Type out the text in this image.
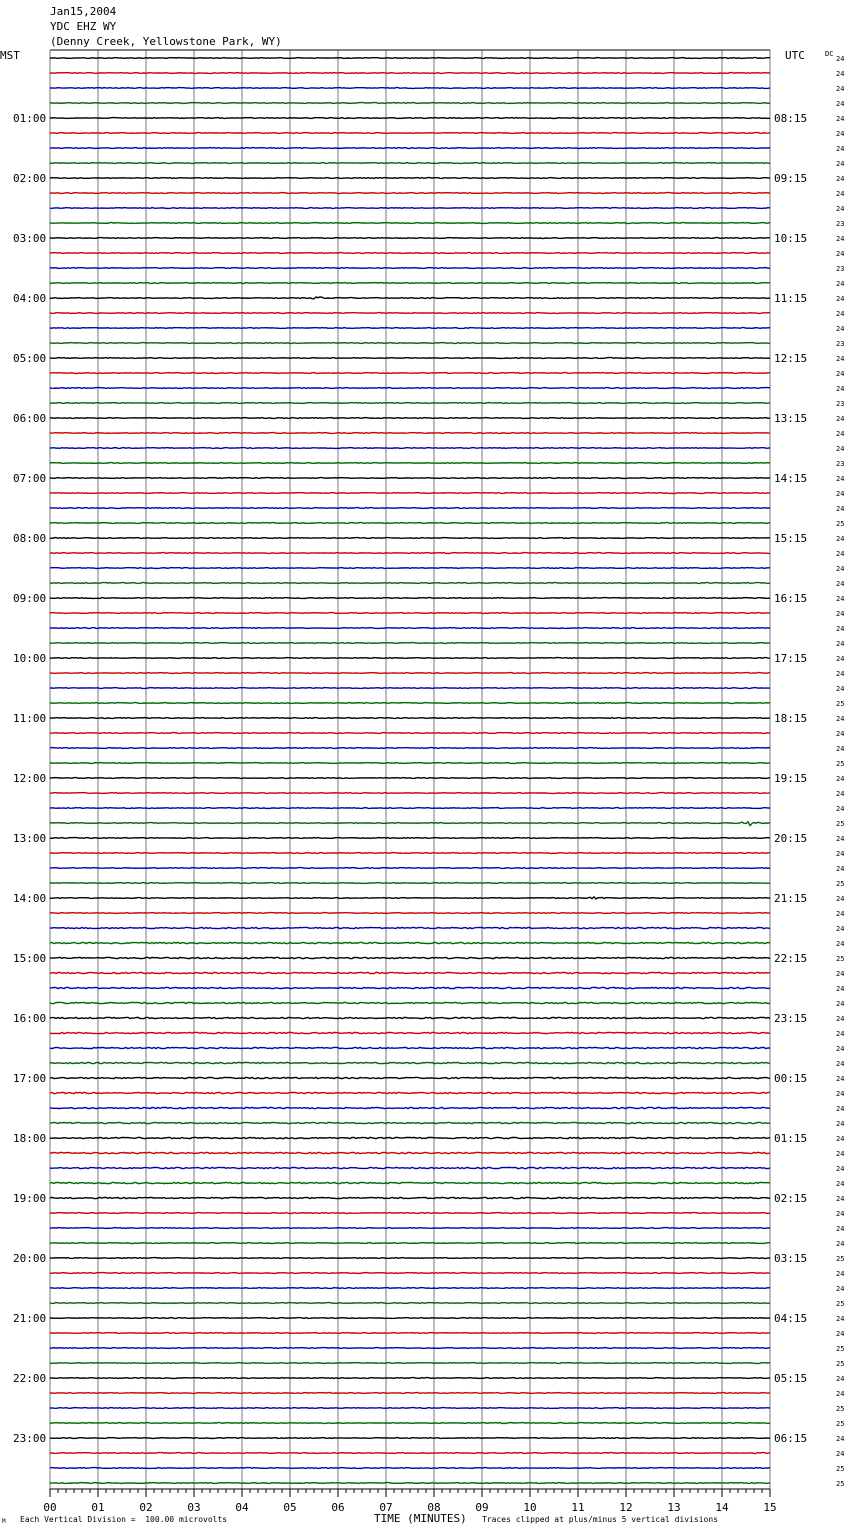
Jan15,2004
YDC EHZ WY
(Denny Creek, Yellowstone Park, WY)
MST	UTC	DC
01:00
02:00
03:00
04:00
05:00
06:00
07:00
08:00
09:00
10:00
11:00
12:00
13:00
14:00
15:00
16:00
17:00
18:00
19:00
20:00
21:00
22:00
23:00
08:15
09:15
10:15
11:15
12:15
13:15
14:15
15:15
16:15
17:15
18:15
19:15
20:15
21:15
22:15
23:15
00:15
01:15
02:15
03:15
04:15
05:15
06:15
24
24
24
24
24
24
24
24
24
24
24
23
24
24
23
24
24
24
24
23
24
24
24
23
24
24
24
23
24
24
24
25
24
24
24
24
24
24
24
24
24
24
24
25
24
24
24
25
24
24
24
25
24
24
24
25
24
24
24
24
25
24
24
24
24
24
24
24
24
24
24
24
24
24
24
24
24
24
24
24
25
24
24
25
24
24
25
25
24
24
25
25
24
24
25
25
00	01	02	03	04	05	06	07	08	09	10	11	12	13	14	15
M Each Vertical Division =  100.00 microvolts	TIME (MINUTES) Traces clipped at plus/minus 5 vertical divisions
